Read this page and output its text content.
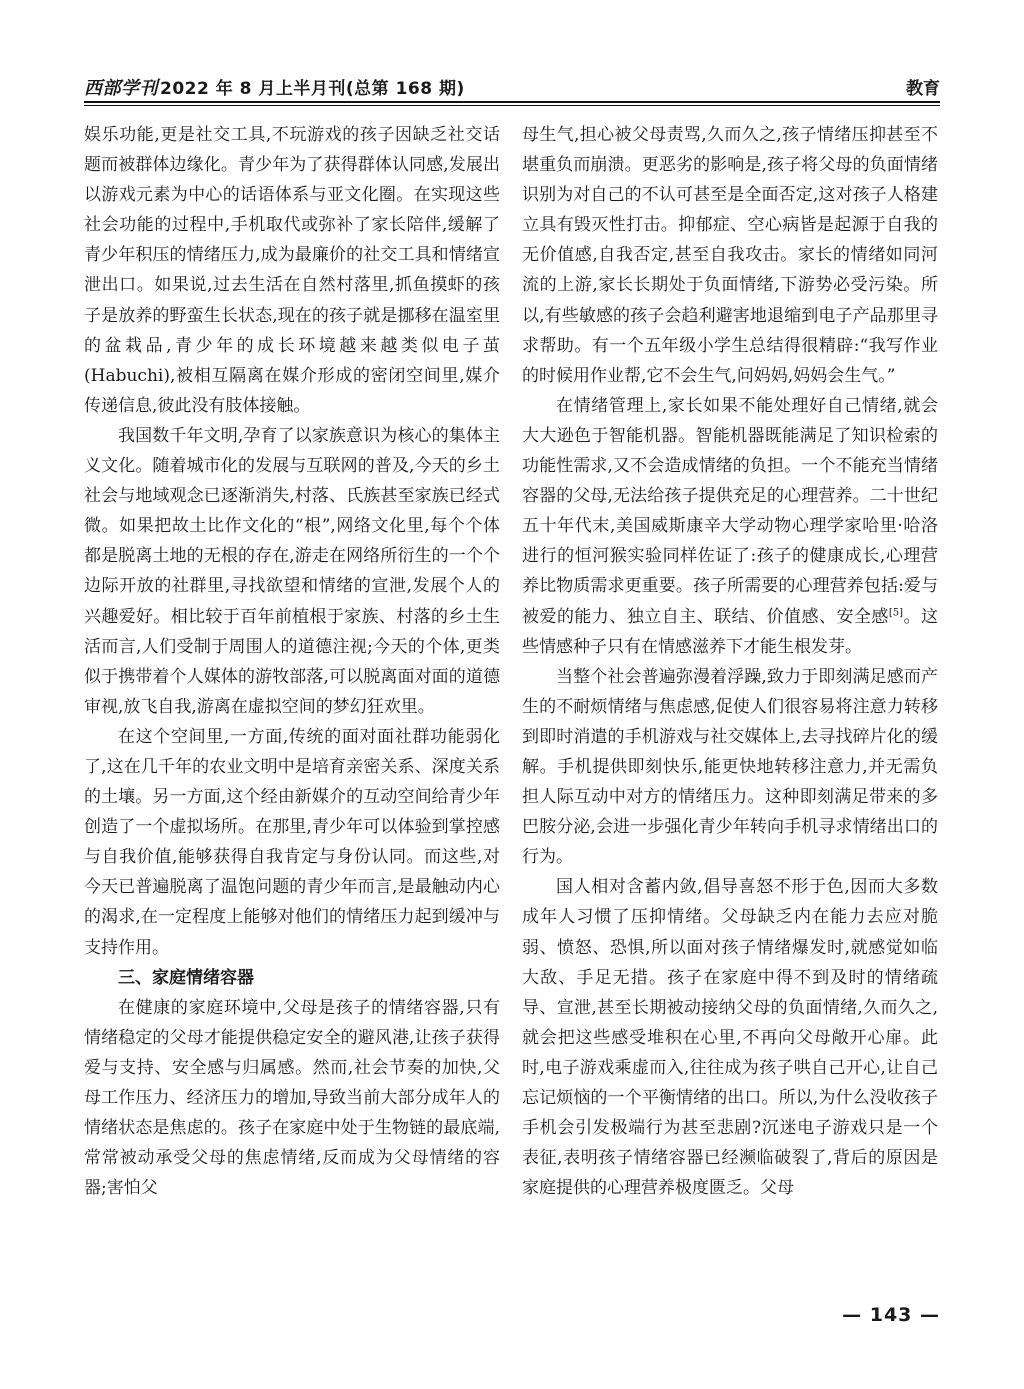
西部学刊 2022 年 8 月上半月刊(总第 168 期)	教育

娱乐功能,更是社交工具,不玩游戏的孩子因缺乏社交话题而被群体边缘化。青少年为了获得群体认同感,发展出以游戏元素为中心的话语体系与亚文化圈。在实现这些社会功能的过程中,手机取代或弥补了家长陪伴,缓解了青少年积压的情绪压力,成为最廉价的社交工具和情绪宣泄出口。如果说,过去生活在自然村落里,抓鱼摸虾的孩子是放养的野蛮生长状态,现在的孩子就是挪移在温室里的盆栽品,青少年的成长环境越来越类似电子茧(Habuchi),被相互隔离在媒介形成的密闭空间里,媒介传递信息,彼此没有肢体接触。

我国数千年文明,孕育了以家族意识为核心的集体主义文化。随着城市化的发展与互联网的普及,今天的乡土社会与地域观念已逐渐消失,村落、氏族甚至家族已经式微。如果把故土比作文化的“根”,网络文化里,每个个体都是脱离土地的无根的存在,游走在网络所衍生的一个个边际开放的社群里,寻找欲望和情绪的宣泄,发展个人的兴趣爱好。相比较于百年前植根于家族、村落的乡土生活而言,人们受制于周围人的道德注视;今天的个体,更类似于携带着个人媒体的游牧部落,可以脱离面对面的道德审视,放飞自我,游离在虚拟空间的梦幻狂欢里。

在这个空间里,一方面,传统的面对面社群功能弱化了,这在几千年的农业文明中是培育亲密关系、深度关系的土壤。另一方面,这个经由新媒介的互动空间给青少年创造了一个虚拟场所。在那里,青少年可以体验到掌控感与自我价值,能够获得自我肯定与身份认同。而这些,对今天已普遍脱离了温饱问题的青少年而言,是最触动内心的渴求,在一定程度上能够对他们的情绪压力起到缓冲与支持作用。

三、家庭情绪容器

在健康的家庭环境中,父母是孩子的情绪容器,只有情绪稳定的父母才能提供稳定安全的避风港,让孩子获得爱与支持、安全感与归属感。然而,社会节奏的加快,父母工作压力、经济压力的增加,导致当前大部分成年人的情绪状态是焦虑的。孩子在家庭中处于生物链的最底端,常常被动承受父母的焦虑情绪,反而成为父母情绪的容器;害怕父

母生气,担心被父母责骂,久而久之,孩子情绪压抑甚至不堪重负而崩溃。更恶劣的影响是,孩子将父母的负面情绪识别为对自己的不认可甚至是全面否定,这对孩子人格建立具有毁灭性打击。抑郁症、空心病皆是起源于自我的无价值感,自我否定,甚至自我攻击。家长的情绪如同河流的上游,家长长期处于负面情绪,下游势必受污染。所以,有些敏感的孩子会趋利避害地退缩到电子产品那里寻求帮助。有一个五年级小学生总结得很精辟:“我写作业的时候用作业帮,它不会生气,问妈妈,妈妈会生气。”

在情绪管理上,家长如果不能处理好自己情绪,就会大大逊色于智能机器。智能机器既能满足了知识检索的功能性需求,又不会造成情绪的负担。一个不能充当情绪容器的父母,无法给孩子提供充足的心理营养。二十世纪五十年代末,美国威斯康辛大学动物心理学家哈里·哈洛进行的恒河猴实验同样佐证了:孩子的健康成长,心理营养比物质需求更重要。孩子所需要的心理营养包括:爱与被爱的能力、独立自主、联结、价值感、安全感[5]。这些情感种子只有在情感滋养下才能生根发芽。

当整个社会普遍弥漫着浮躁,致力于即刻满足感而产生的不耐烦情绪与焦虑感,促使人们很容易将注意力转移到即时消遣的手机游戏与社交媒体上,去寻找碎片化的缓解。手机提供即刻快乐,能更快地转移注意力,并无需负担人际互动中对方的情绪压力。这种即刻满足带来的多巴胺分泌,会进一步强化青少年转向手机寻求情绪出口的行为。

国人相对含蓄内敛,倡导喜怒不形于色,因而大多数成年人习惯了压抑情绪。父母缺乏内在能力去应对脆弱、愤怒、恐惧,所以面对孩子情绪爆发时,就感觉如临大敌、手足无措。孩子在家庭中得不到及时的情绪疏导、宣泄,甚至长期被动接纳父母的负面情绪,久而久之,就会把这些感受堆积在心里,不再向父母敞开心扉。此时,电子游戏乘虚而入,往往成为孩子哄自己开心,让自己忘记烦恼的一个平衡情绪的出口。所以,为什么没收孩子手机会引发极端行为甚至悲剧?沉迷电子游戏只是一个表征,表明孩子情绪容器已经濒临破裂了,背后的原因是家庭提供的心理营养极度匮乏。父母

— 143 —
